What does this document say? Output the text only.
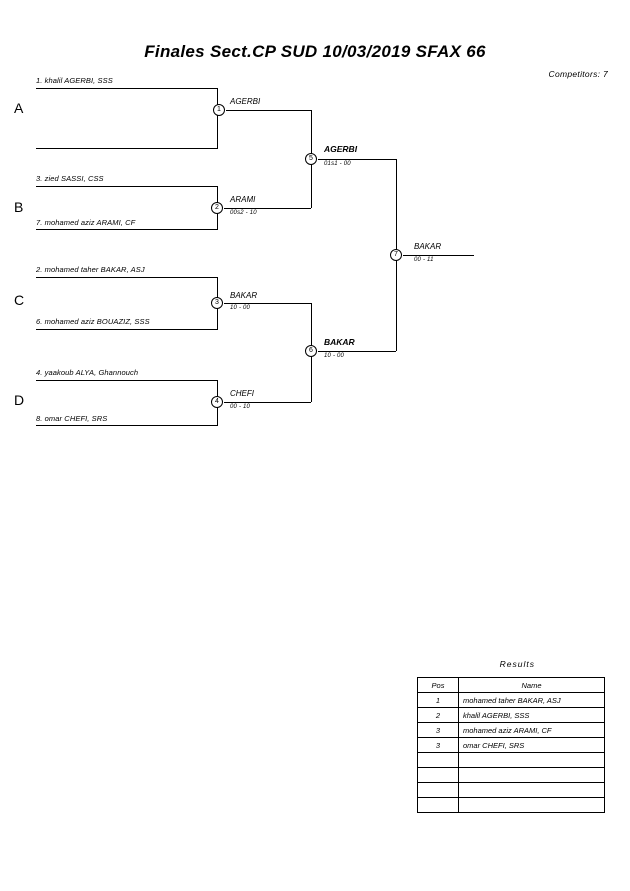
Finales Sect.CP SUD 10/03/2019 SFAX 66
Competitors: 7
A
1. khalil AGERBI, SSS
1
AGERBI
B
3. zied SASSI, CSS
7. mohamed aziz ARAMI, CF
2
ARAMI
00s2 - 10
5
AGERBI
01s1 - 00
C
2. mohamed taher BAKAR, ASJ
6. mohamed aziz BOUAZIZ, SSS
3
BAKAR
10 - 00
D
4. yaakoub ALYA, Ghannouch
8. omar CHEFI, SRS
4
CHEFI
00 - 10
6
BAKAR
10 - 00
7
BAKAR
00 - 11
Results
Pos	Name
1	mohamed taher BAKAR, ASJ
2	khalil AGERBI, SSS
3	mohamed aziz ARAMI, CF
3	omar CHEFI, SRS
